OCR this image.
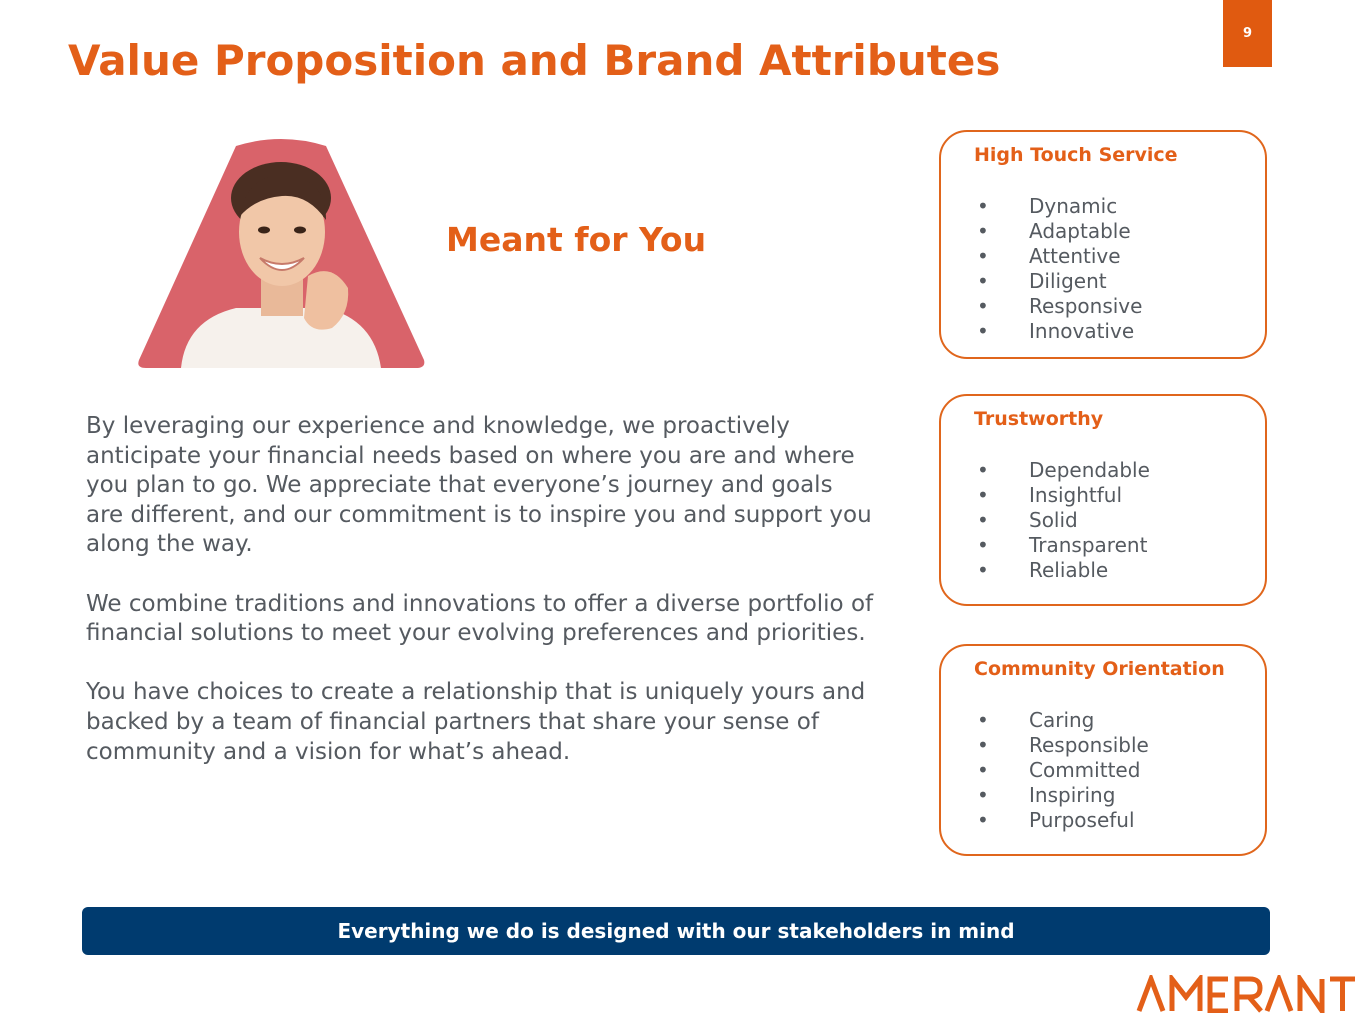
Value Proposition and Brand Attributes
9
Meant for You

By leveraging our experience and knowledge, we proactively anticipate your financial needs based on where you are and where you plan to go. We appreciate that everyone’s journey and goals are different, and our commitment is to inspire you and support you along the way.

We combine traditions and innovations to offer a diverse portfolio of financial solutions to meet your evolving preferences and priorities.

You have choices to create a relationship that is uniquely yours and backed by a team of financial partners that share your sense of community and a vision for what’s ahead.

High Touch Service
•	Dynamic
•	Adaptable
•	Attentive
•	Diligent
•	Responsive
•	Innovative
Trustworthy
•	Dependable
•	Insightful
•	Solid
•	Transparent
•	Reliable
Community Orientation
•	Caring
•	Responsible
•	Committed
•	Inspiring
•	Purposeful
Everything we do is designed with our stakeholders in mind
